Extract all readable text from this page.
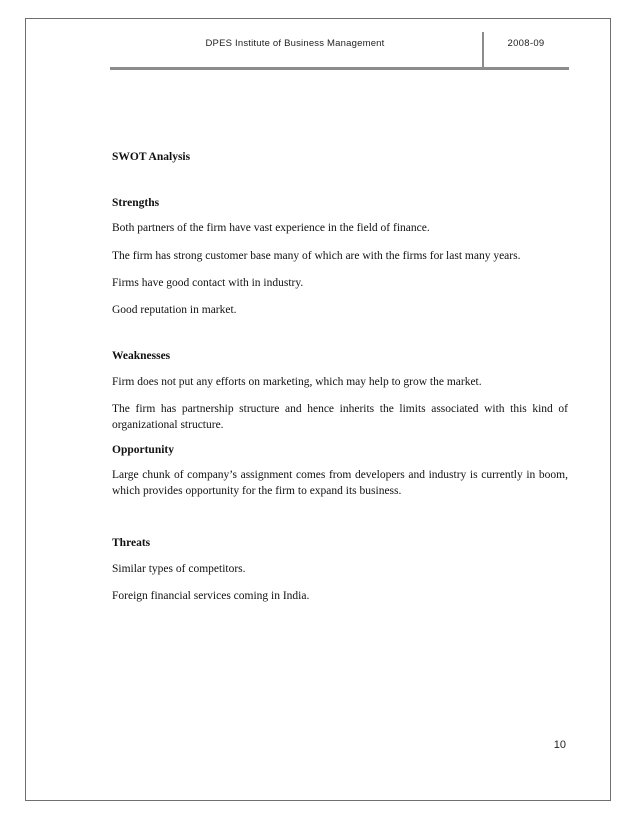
DPES Institute of Business Management	2008-09
SWOT Analysis
Strengths
Both partners of the firm have vast experience in the field of finance.
The firm has strong customer base many of which are with the firms for last many years.
Firms have good contact with in industry.
Good reputation in market.
Weaknesses
Firm does not put any efforts on marketing, which may help to grow the market.
The firm has partnership structure and hence inherits the limits associated with this kind of organizational structure.
Opportunity
Large chunk of company’s assignment comes from developers and industry is currently in boom, which provides opportunity for the firm to expand its business.
Threats
Similar types of competitors.
Foreign financial services coming in India.
10
